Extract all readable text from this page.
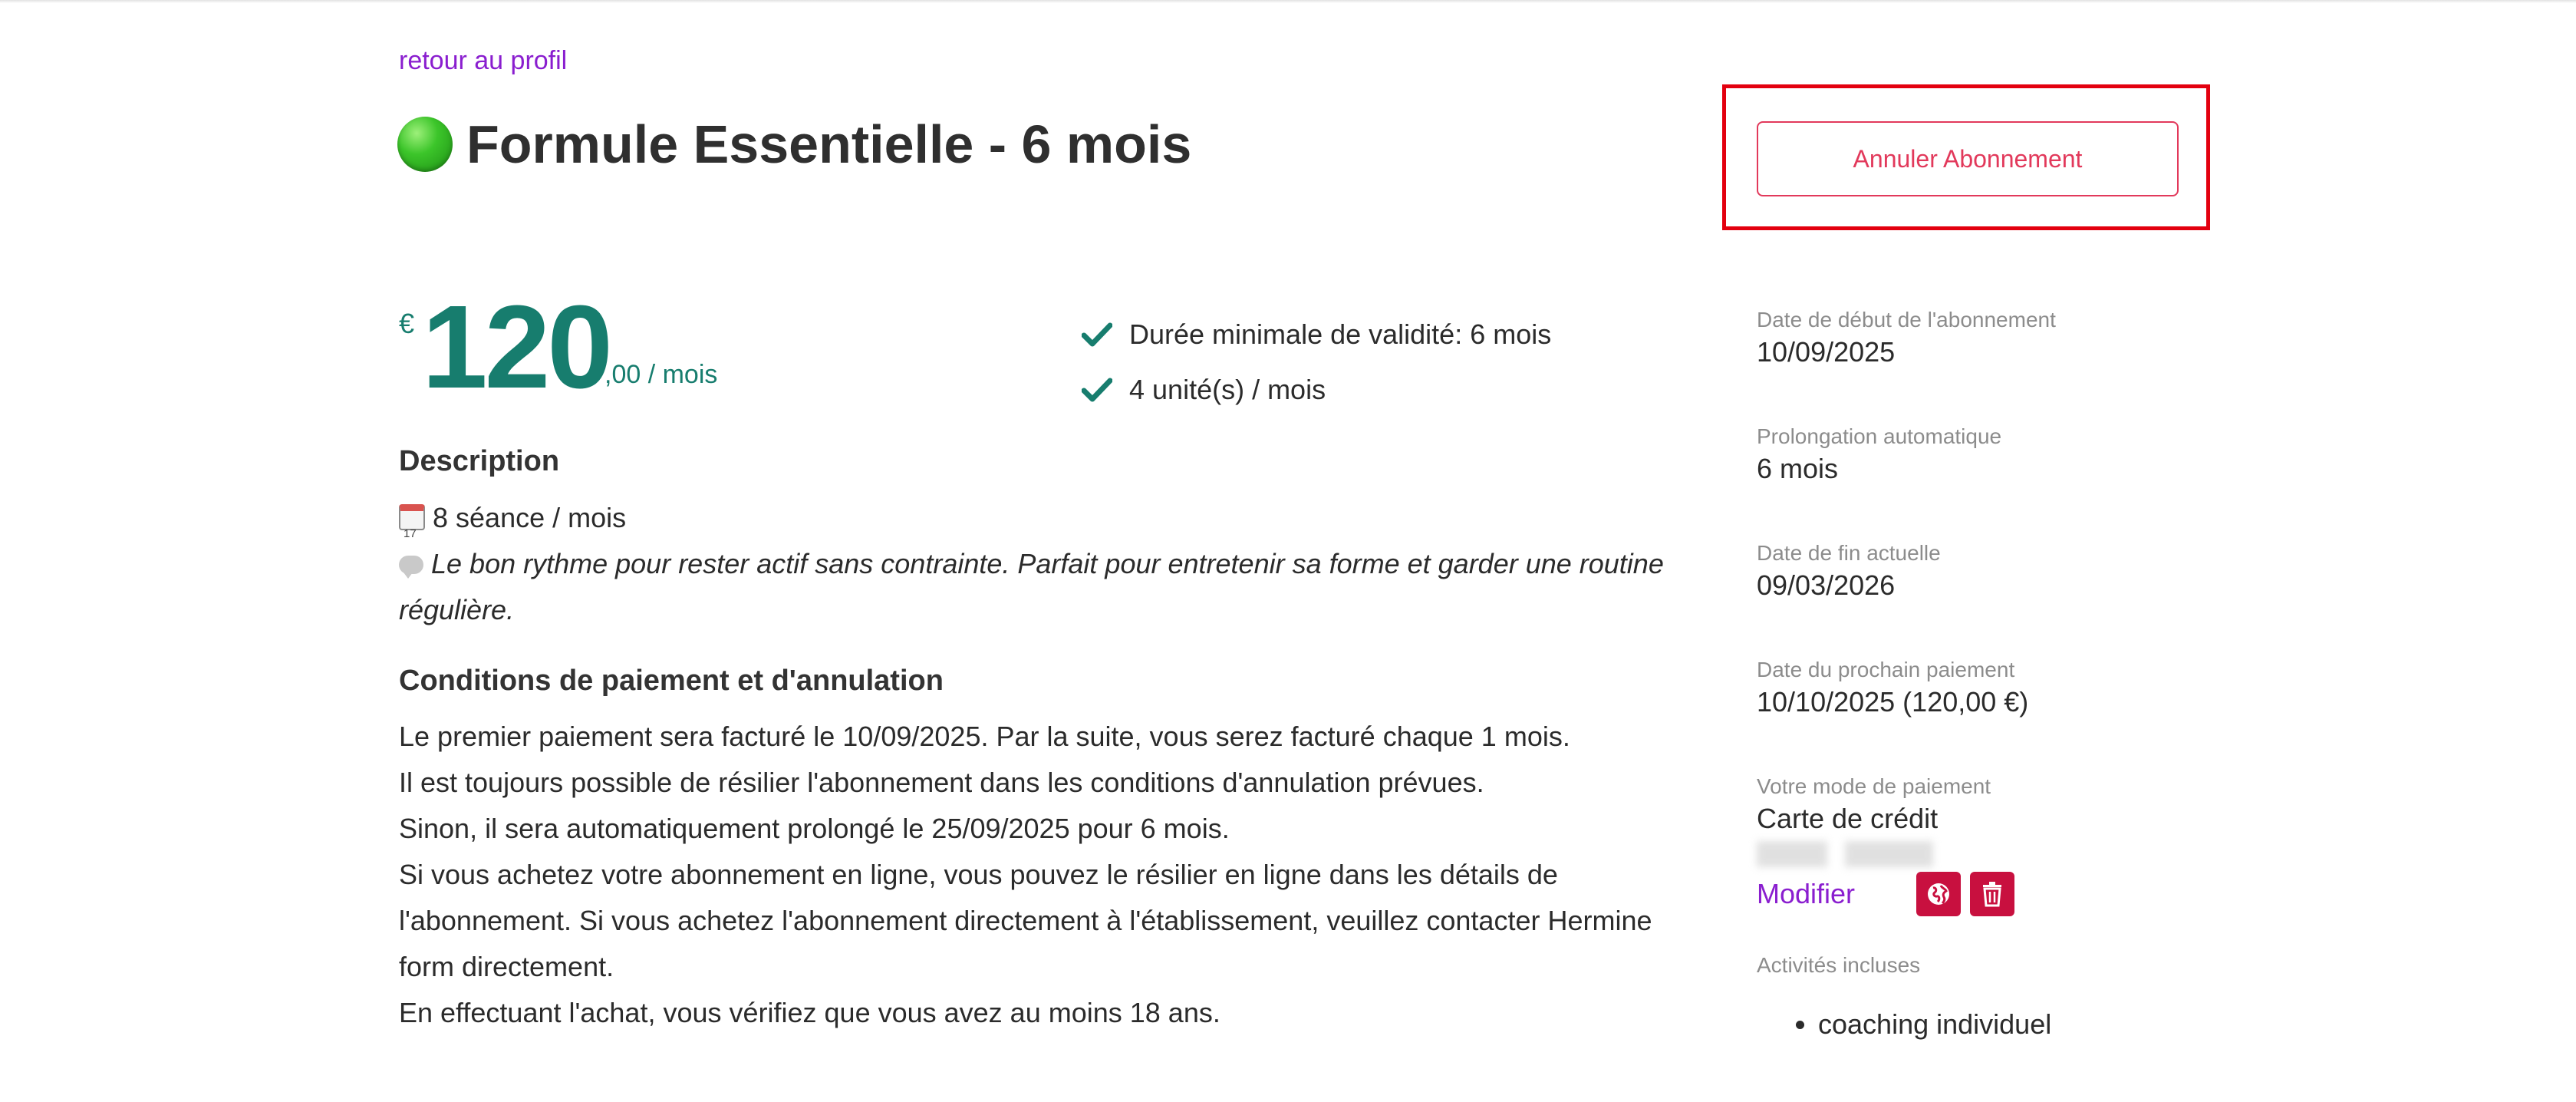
retour au profil
Formule Essentielle - 6 mois	Annuler Abonnement
€ 120
,00 / mois
Durée minimale de validité: 6 mois
4 unité(s) / mois
Description

178 séance / mois

Le bon rythme pour rester actif sans contrainte. Parfait pour entretenir sa forme et garder une routine régulière.

Conditions de paiement et d'annulation

Le premier paiement sera facturé le 10/09/2025. Par la suite, vous serez facturé chaque 1 mois.

Il est toujours possible de résilier l'abonnement dans les conditions d'annulation prévues.

Sinon, il sera automatiquement prolongé le 25/09/2025 pour 6 mois.

Si vous achetez votre abonnement en ligne, vous pouvez le résilier en ligne dans les détails de l'abonnement. Si vous achetez l'abonnement directement à l'établissement, veuillez contacter Hermine form directement.

En effectuant l'achat, vous vérifiez que vous avez au moins 18 ans.

Date de début de l'abonnement

10/09/2025

Prolongation automatique

6 mois

Date de fin actuelle

09/03/2026

Date du prochain paiement

10/10/2025 (120,00 €)

Votre mode de paiement

Carte de crédit

Modifier
Activités incluses
• coaching individuel
